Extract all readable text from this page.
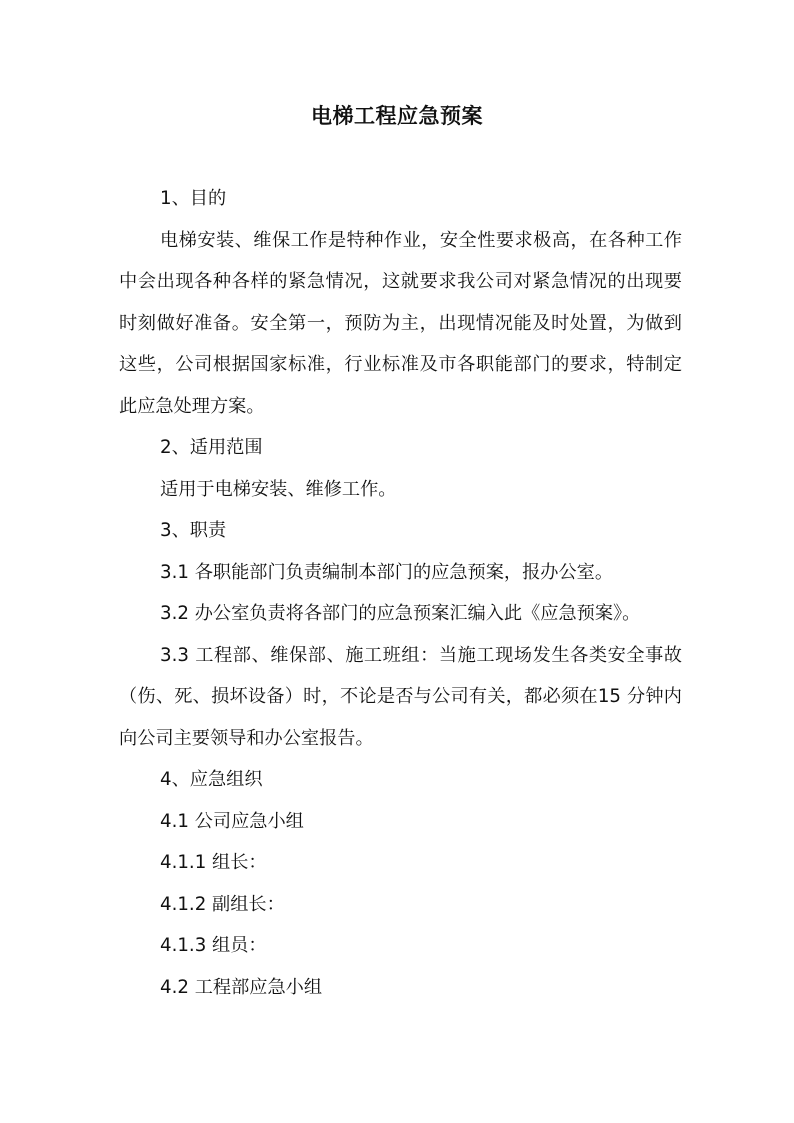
电梯工程应急预案

1、目的

电梯安装、维保工作是特种作业，安全性要求极高，在各种工作中会出现各种各样的紧急情况，这就要求我公司对紧急情况的出现要时刻做好准备。安全第一，预防为主，出现情况能及时处置，为做到这些，公司根据国家标准，行业标准及市各职能部门的要求，特制定此应急处理方案。

2、适用范围

适用于电梯安装、维修工作。

3、职责

3.1 各职能部门负责编制本部门的应急预案，报办公室。

3.2 办公室负责将各部门的应急预案汇编入此《应急预案》。

3.3 工程部、维保部、施工班组：当施工现场发生各类安全事故（伤、死、损坏设备）时，不论是否与公司有关，都必须在15 分钟内向公司主要领导和办公室报告。

4、应急组织

4.1 公司应急小组

4.1.1 组长：

4.1.2 副组长：

4.1.3 组员：

4.2 工程部应急小组
